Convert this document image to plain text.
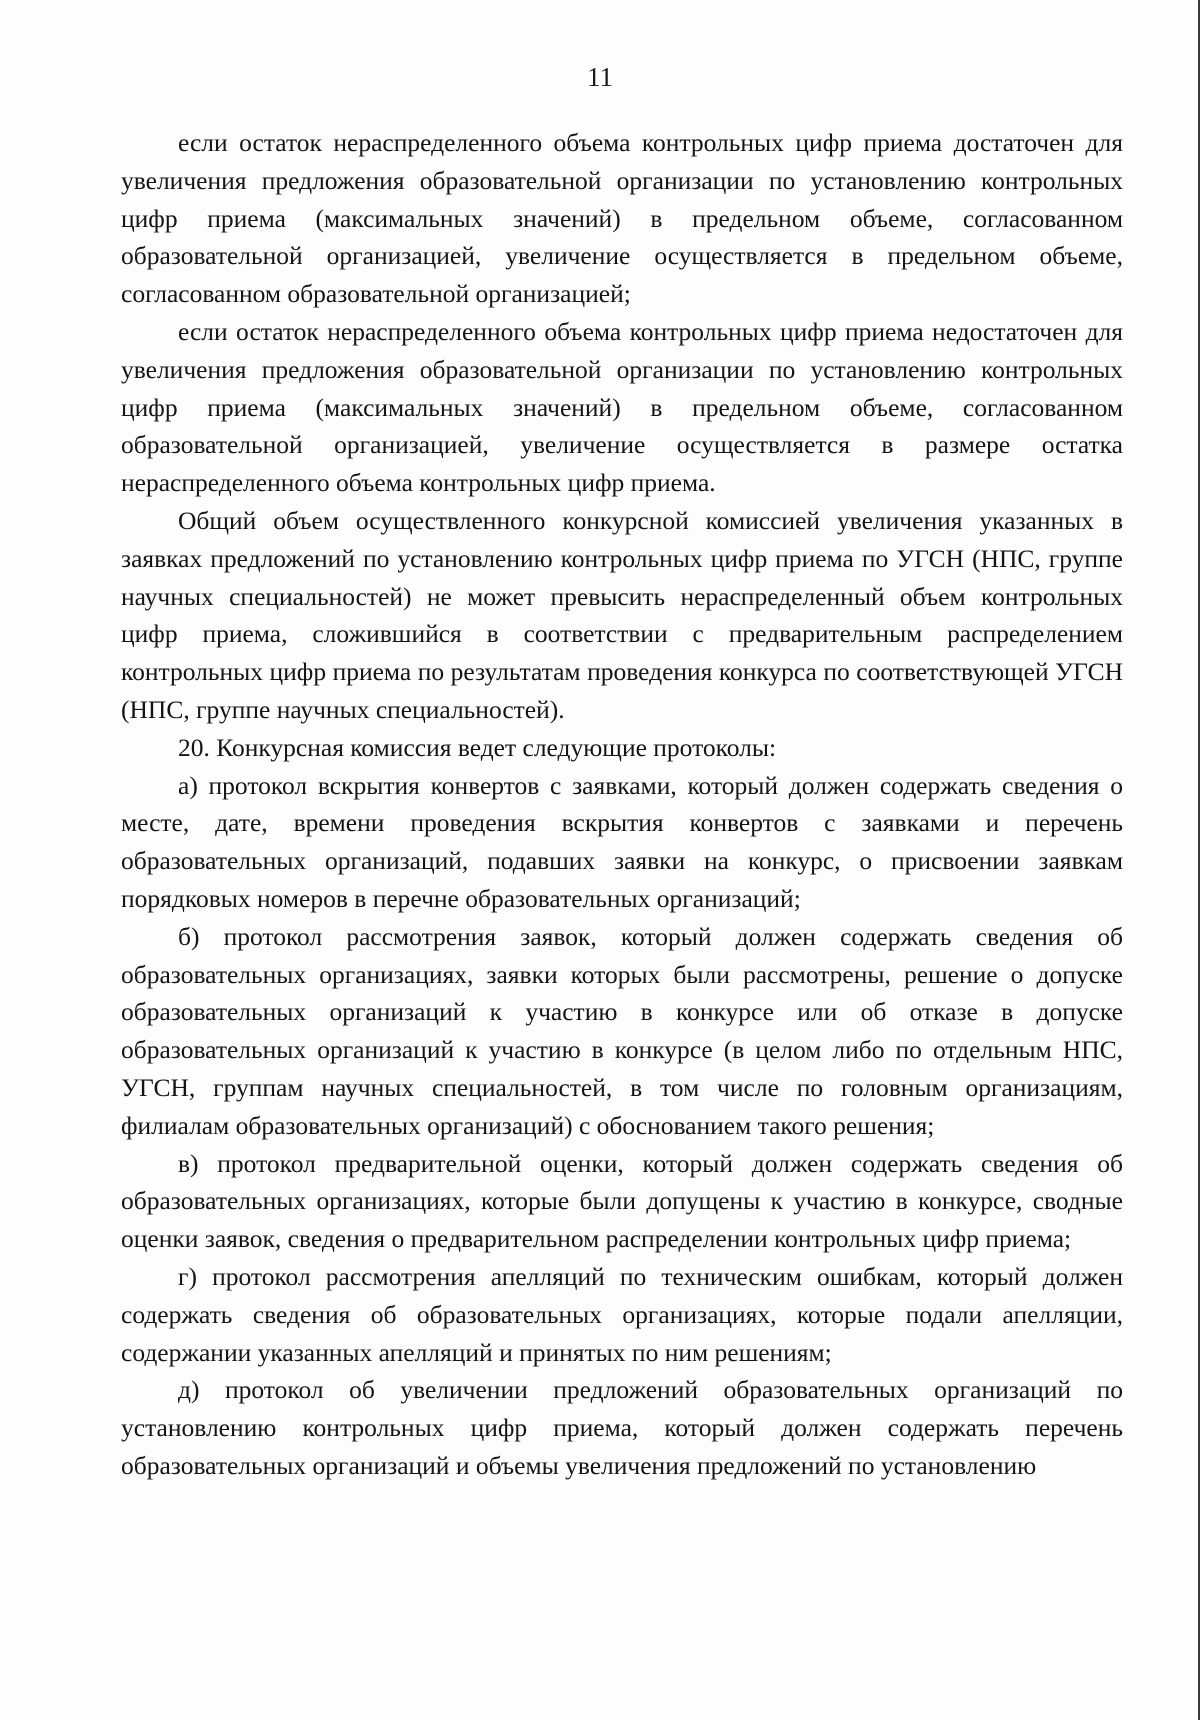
11

если остаток нераспределенного объема контрольных цифр приема достаточен для увеличения предложения образовательной организации по установлению контрольных цифр приема (максимальных значений) в предельном объеме, согласованном образовательной организацией, увеличение осуществляется в предельном объеме, согласованном образовательной организацией;

если остаток нераспределенного объема контрольных цифр приема недостаточен для увеличения предложения образовательной организации по установлению контрольных цифр приема (максимальных значений) в предельном объеме, согласованном образовательной организацией, увеличение осуществляется в размере остатка нераспределенного объема контрольных цифр приема.

Общий объем осуществленного конкурсной комиссией увеличения указанных в заявках предложений по установлению контрольных цифр приема по УГСН (НПС, группе научных специальностей) не может превысить нераспределенный объем контрольных цифр приема, сложившийся в соответствии с предварительным распределением контрольных цифр приема по результатам проведения конкурса по соответствующей УГСН (НПС, группе научных специальностей).

20. Конкурсная комиссия ведет следующие протоколы:

а) протокол вскрытия конвертов с заявками, который должен содержать сведения о месте, дате, времени проведения вскрытия конвертов с заявками и перечень образовательных организаций, подавших заявки на конкурс, о присвоении заявкам порядковых номеров в перечне образовательных организаций;

б) протокол рассмотрения заявок, который должен содержать сведения об образовательных организациях, заявки которых были рассмотрены, решение о допуске образовательных организаций к участию в конкурсе или об отказе в допуске образовательных организаций к участию в конкурсе (в целом либо по отдельным НПС, УГСН, группам научных специальностей, в том числе по головным организациям, филиалам образовательных организаций) с обоснованием такого решения;

в) протокол предварительной оценки, который должен содержать сведения об образовательных организациях, которые были допущены к участию в конкурсе, сводные оценки заявок, сведения о предварительном распределении контрольных цифр приема;

г) протокол рассмотрения апелляций по техническим ошибкам, который должен содержать сведения об образовательных организациях, которые подали апелляции, содержании указанных апелляций и принятых по ним решениям;

д) протокол об увеличении предложений образовательных организаций по установлению контрольных цифр приема, который должен содержать перечень образовательных организаций и объемы увеличения предложений по установлению
